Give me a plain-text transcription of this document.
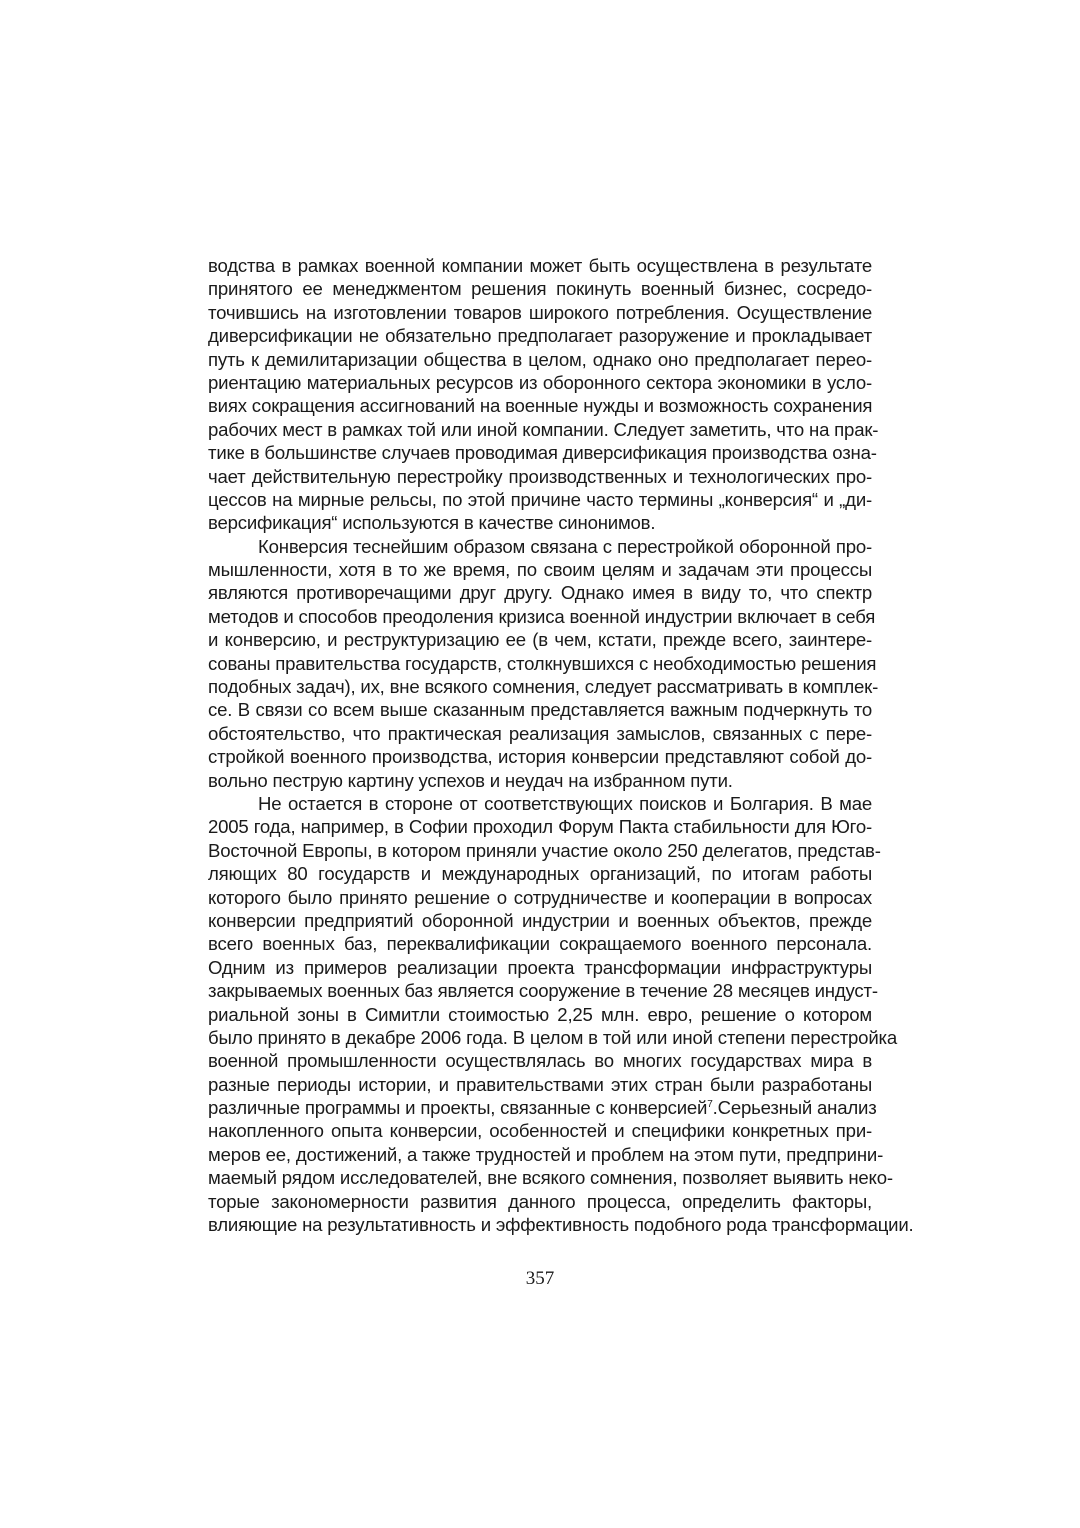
водства в рамках военной компании может быть осуществлена в результате
принятого ее менеджментом решения покинуть военный бизнес, сосредо-
точившись на изготовлении товаров широкого потребления. Осуществление
диверсификации не обязательно предполагает разоружение и прокладывает
путь к демилитаризации общества в целом, однако оно предполагает перео-
риентацию материальных ресурсов из оборонного сектора экономики в усло-
виях сокращения ассигнований на военные нужды и возможность сохранения
рабочих мест в рамках той или иной компании. Следует заметить, что на прак-
тике в большинстве случаев проводимая диверсификация производства озна-
чает действительную перестройку производственных и технологических про-
цессов на мирные рельсы, по этой причине часто термины „конверсия“ и „ди-
версификация“ используются в качестве синонимов.
Конверсия теснейшим образом связана с перестройкой оборонной про-
мышленности, хотя в то же время, по своим целям и задачам эти процессы
являются противоречащими друг другу. Однако имея в виду то, что спектр
методов и способов преодоления кризиса военной индустрии включает в себя
и конверсию, и реструктуризацию ее (в чем, кстати, прежде всего, заинтере-
сованы правительства государств, столкнувшихся с необходимостью решения
подобных задач), их, вне всякого сомнения, следует рассматривать в комплек-
се. В связи со всем выше сказанным представляется важным подчеркнуть то
обстоятельство, что практическая реализация замыслов, связанных с пере-
стройкой военного производства, история конверсии представляют собой до-
вольно пеструю картину успехов и неудач на избранном пути.
Не остается в стороне от соответствующих поисков и Болгария. В мае
2005 года, например, в Софии проходил Форум Пакта стабильности для Юго-
Восточной Европы, в котором приняли участие около 250 делегатов, представ-
ляющих 80 государств и международных организаций, по итогам работы
которого было принято решение о сотрудничестве и кооперации в вопросах
конверсии предприятий оборонной индустрии и военных объектов, прежде
всего военных баз, переквалификации сокращаемого военного персонала.
Одним из примеров реализации проекта трансформации инфраструктуры
закрываемых военных баз является сооружение в течение 28 месяцев индуст-
риальной зоны в Симитли стоимостью 2,25 млн. евро, решение о котором
было принято в декабре 2006 года. В целом в той или иной степени перестройка
военной промышленности осуществлялась во многих государствах мира в
разные периоды истории, и правительствами этих стран были разработаны
различные программы и проекты, связанные с конверсией$^7$.Серьезный анализ
накопленного опыта конверсии, особенностей и специфики конкретных при-
меров ее, достижений, а также трудностей и проблем на этом пути, предприни-
маемый рядом исследователей, вне всякого сомнения, позволяет выявить неко-
торые закономерности развития данного процесса, определить факторы,
влияющие на результативность и эффективность подобного рода трансформации.
357
